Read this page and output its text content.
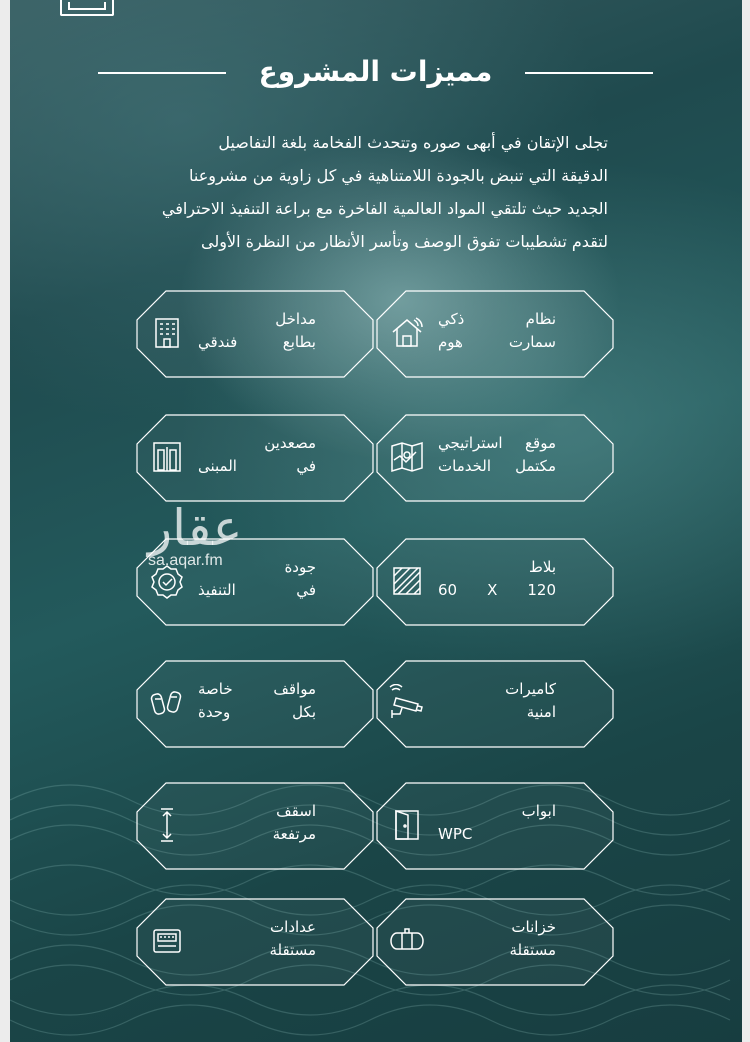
مميزات المشروع

تجلى الإتقان في أبهى صوره وتتحدث الفخامة بلغة التفاصيل

الدقيقة التي تنبض بالجودة اللامتناهية في كل زاوية من مشروعنا

الجديد حيث تلتقي المواد العالمية الفاخرة مع براعة التنفيذ الاحترافي

لتقدم تشطيبات تفوق الوصف وتأسر الأنظار من النظرة الأولى

نظام ذكي
سمارت هوم
مداخل
بطابع فندقي
موقع استراتيجي
مكتمل الخدمات
مصعدين
في المبنى
بلاط
60 X 120
جودة
في التنفيذ
كاميرات
امنية
مواقف خاصة
بكل وحدة
ابواب
WPC
اسقف
مرتفعة
خزانات
مستقلة
عدادات
مستقلة
عقار
sa.aqar.fm
